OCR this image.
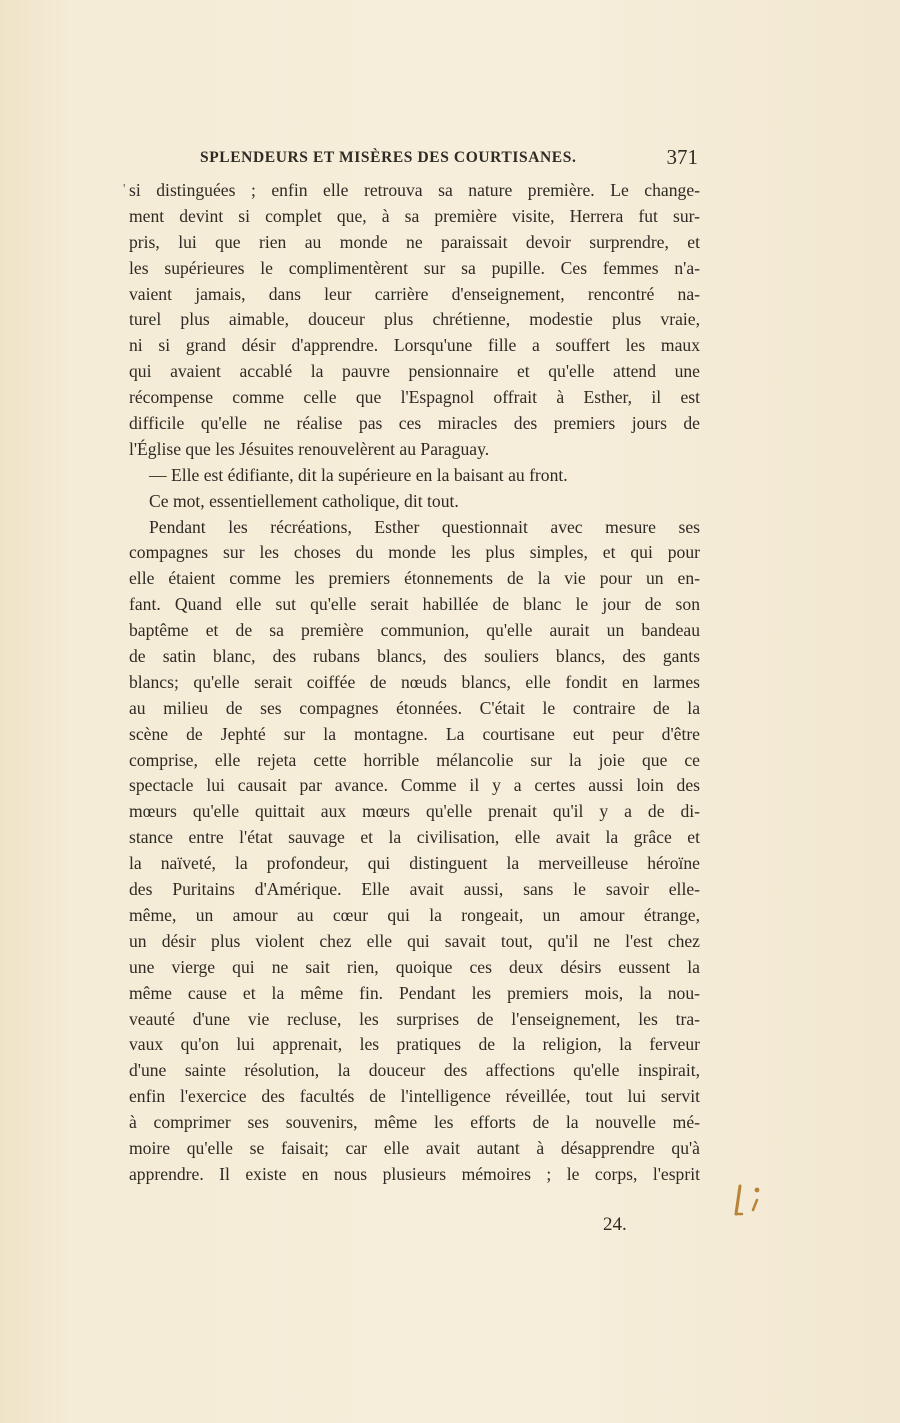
SPLENDEURS ET MISÈRES DES COURTISANES.	371
' si distinguées ; enfin elle retrouva sa nature première. Le change-
ment devint si complet que, à sa première visite, Herrera fut sur-
pris, lui que rien au monde ne paraissait devoir surprendre, et
les supérieures le complimentèrent sur sa pupille. Ces femmes n'a-
vaient jamais, dans leur carrière d'enseignement, rencontré na-
turel plus aimable, douceur plus chrétienne, modestie plus vraie,
ni si grand désir d'apprendre. Lorsqu'une fille a souffert les maux
qui avaient accablé la pauvre pensionnaire et qu'elle attend une
récompense comme celle que l'Espagnol offrait à Esther, il est
difficile qu'elle ne réalise pas ces miracles des premiers jours de
l'Église que les Jésuites renouvelèrent au Paraguay.
— Elle est édifiante, dit la supérieure en la baisant au front.
Ce mot, essentiellement catholique, dit tout.
Pendant les récréations, Esther questionnait avec mesure ses
compagnes sur les choses du monde les plus simples, et qui pour
elle étaient comme les premiers étonnements de la vie pour un en-
fant. Quand elle sut qu'elle serait habillée de blanc le jour de son
baptême et de sa première communion, qu'elle aurait un bandeau
de satin blanc, des rubans blancs, des souliers blancs, des gants
blancs; qu'elle serait coiffée de nœuds blancs, elle fondit en larmes
au milieu de ses compagnes étonnées. C'était le contraire de la
scène de Jephté sur la montagne. La courtisane eut peur d'être
comprise, elle rejeta cette horrible mélancolie sur la joie que ce
spectacle lui causait par avance. Comme il y a certes aussi loin des
mœurs qu'elle quittait aux mœurs qu'elle prenait qu'il y a de di-
stance entre l'état sauvage et la civilisation, elle avait la grâce et
la naïveté, la profondeur, qui distinguent la merveilleuse héroïne
des Puritains d'Amérique. Elle avait aussi, sans le savoir elle-
même, un amour au cœur qui la rongeait, un amour étrange,
un désir plus violent chez elle qui savait tout, qu'il ne l'est chez
une vierge qui ne sait rien, quoique ces deux désirs eussent la
même cause et la même fin. Pendant les premiers mois, la nou-
veauté d'une vie recluse, les surprises de l'enseignement, les tra-
vaux qu'on lui apprenait, les pratiques de la religion, la ferveur
d'une sainte résolution, la douceur des affections qu'elle inspirait,
enfin l'exercice des facultés de l'intelligence réveillée, tout lui servit
à comprimer ses souvenirs, même les efforts de la nouvelle mé-
moire qu'elle se faisait; car elle avait autant à désapprendre qu'à
apprendre. Il existe en nous plusieurs mémoires ; le corps, l'esprit
24.
